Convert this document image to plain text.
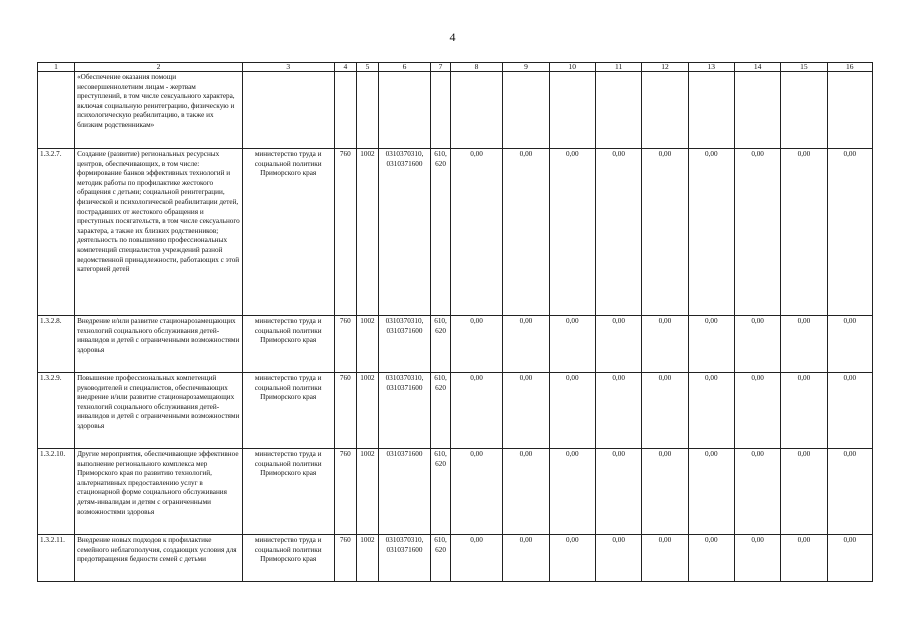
4
1	2	3	4	5	6	7	8	9	10	11	12	13	14	15	16
	«Обеспечение оказания помощи несовершеннолетним лицам - жертвам преступлений, в том числе сексуального характера, включая социальную реинтеграцию, физическую и психологическую реабилитацию, в также их близким родственникам»														
1.3.2.7.	Создание (развитие) региональных ресурсных центров, обеспечивающих, в том числе: формирование банков эффективных технологий и методик работы по профилактике жестокого обращения с детьми; социальной реинтеграции, физической и психологической реабилитации детей, пострадавших от жестокого обращения и преступных посягательств, в том числе сексуального характера, а также их близких родственников; деятельность по повышению профессиональных компетенций специалистов учреждений разной ведомственной принадлежности, работающих с этой категорией детей	министерство труда и социальной политики Приморского края	760	1002	0310370310, 0310371600	610, 620	0,00	0,00	0,00	0,00	0,00	0,00	0,00	0,00	0,00
1.3.2.8.	Внедрение и/или развитие стационарозамещающих технологий социального обслуживания детей-инвалидов и детей с ограниченными возможностями здоровья	министерство труда и социальной политики Приморского края	760	1002	0310370310, 0310371600	610, 620	0,00	0,00	0,00	0,00	0,00	0,00	0,00	0,00	0,00
1.3.2.9.	Повышение профессиональных компетенций руководителей и специалистов, обеспечивающих внедрение и/или развитие стационарозамещающих технологий социального обслуживания детей-инвалидов и детей с ограниченными возможностями здоровья	министерство труда и социальной политики Приморского края	760	1002	0310370310, 0310371600	610, 620	0,00	0,00	0,00	0,00	0,00	0,00	0,00	0,00	0,00
1.3.2.10.	Другие мероприятия, обеспечивающие эффективное выполнение регионального комплекса мер Приморского края по развитию технологий, альтернативных предоставлению услуг в стационарной форме социального обслуживания детям-инвалидам и детям с ограниченными возможностями здоровья	министерство труда и социальной политики Приморского края	760	1002	0310371600	610, 620	0,00	0,00	0,00	0,00	0,00	0,00	0,00	0,00	0,00
1.3.2.11.	Внедрение новых подходов к профилактике семейного неблагополучия, создающих условия для предотвращения бедности семей с детьми	министерство труда и социальной политики Приморского края	760	1002	0310370310, 0310371600	610, 620	0,00	0,00	0,00	0,00	0,00	0,00	0,00	0,00	0,00
